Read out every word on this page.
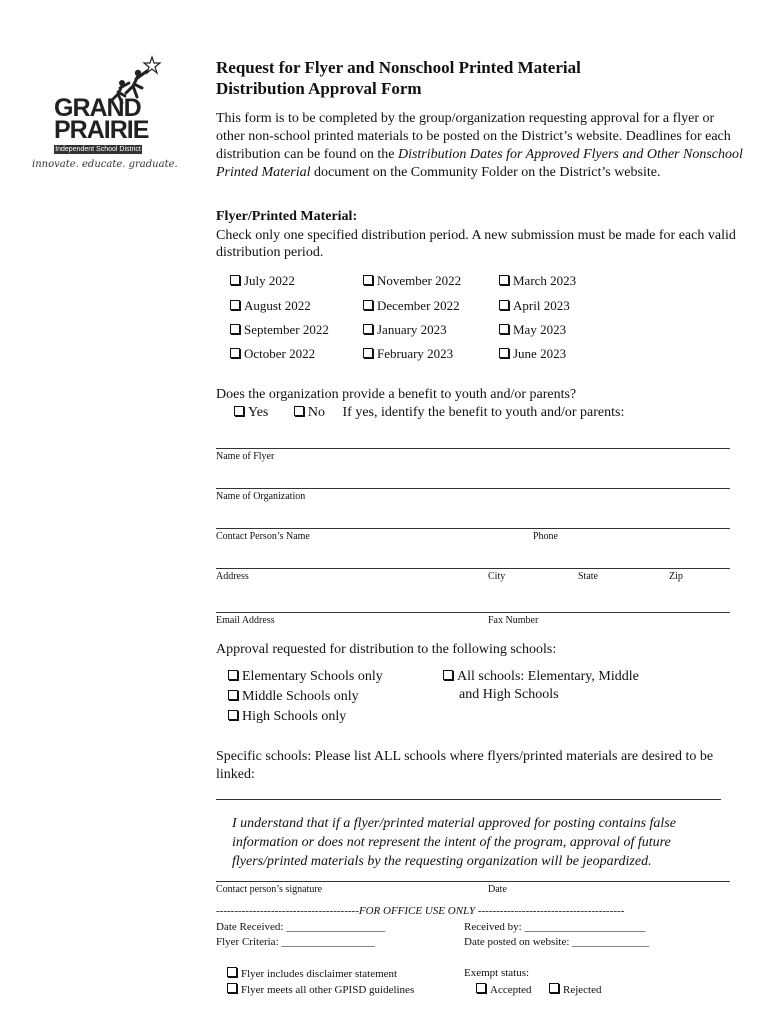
GRAND
PRAIRIE
Independent School District
innovate. educate. graduate.
Request for Flyer and Nonschool Printed Material
Distribution Approval Form
This form is to be completed by the group/organization requesting approval for a flyer or other non-school printed materials to be posted on the District’s website. Deadlines for each distribution can be found on the Distribution Dates for Approved Flyers and Other Nonschool Printed Material document on the Community Folder on the District’s website.
Flyer/Printed Material:
Check only one specified distribution period. A new submission must be made for each valid distribution period.
July 2022	November 2022	March 2023
August 2022	December 2022	April 2023
September 2022	January 2023	May 2023
October 2022	February 2023	June 2023
Does the organization provide a benefit to youth and/or parents?
Yes	No If yes, identify the benefit to youth and/or parents:
Name of Flyer
Name of Organization
Contact Person’s Name	Phone
Address	City	State	Zip
Email Address	Fax Number
Approval requested for distribution to the following schools:
Elementary Schools only
Middle Schools only
High Schools only
All schools: Elementary, Middle
and High Schools
Specific schools: Please list ALL schools where flyers/printed materials are desired to be linked:
I understand that if a flyer/printed material approved for posting contains false information or does not represent the intent of the program, approval of future flyers/printed materials by the requesting organization will be jeopardized.
Contact person’s signature	Date
---------------------------------------FOR OFFICE USE ONLY ----------------------------------------
Date Received: __________________
Flyer Criteria: _________________
Received by: ______________________
Date posted on website: ______________
Flyer includes disclaimer statement
Flyer meets all other GPISD guidelines
Exempt status:
Accepted	Rejected
